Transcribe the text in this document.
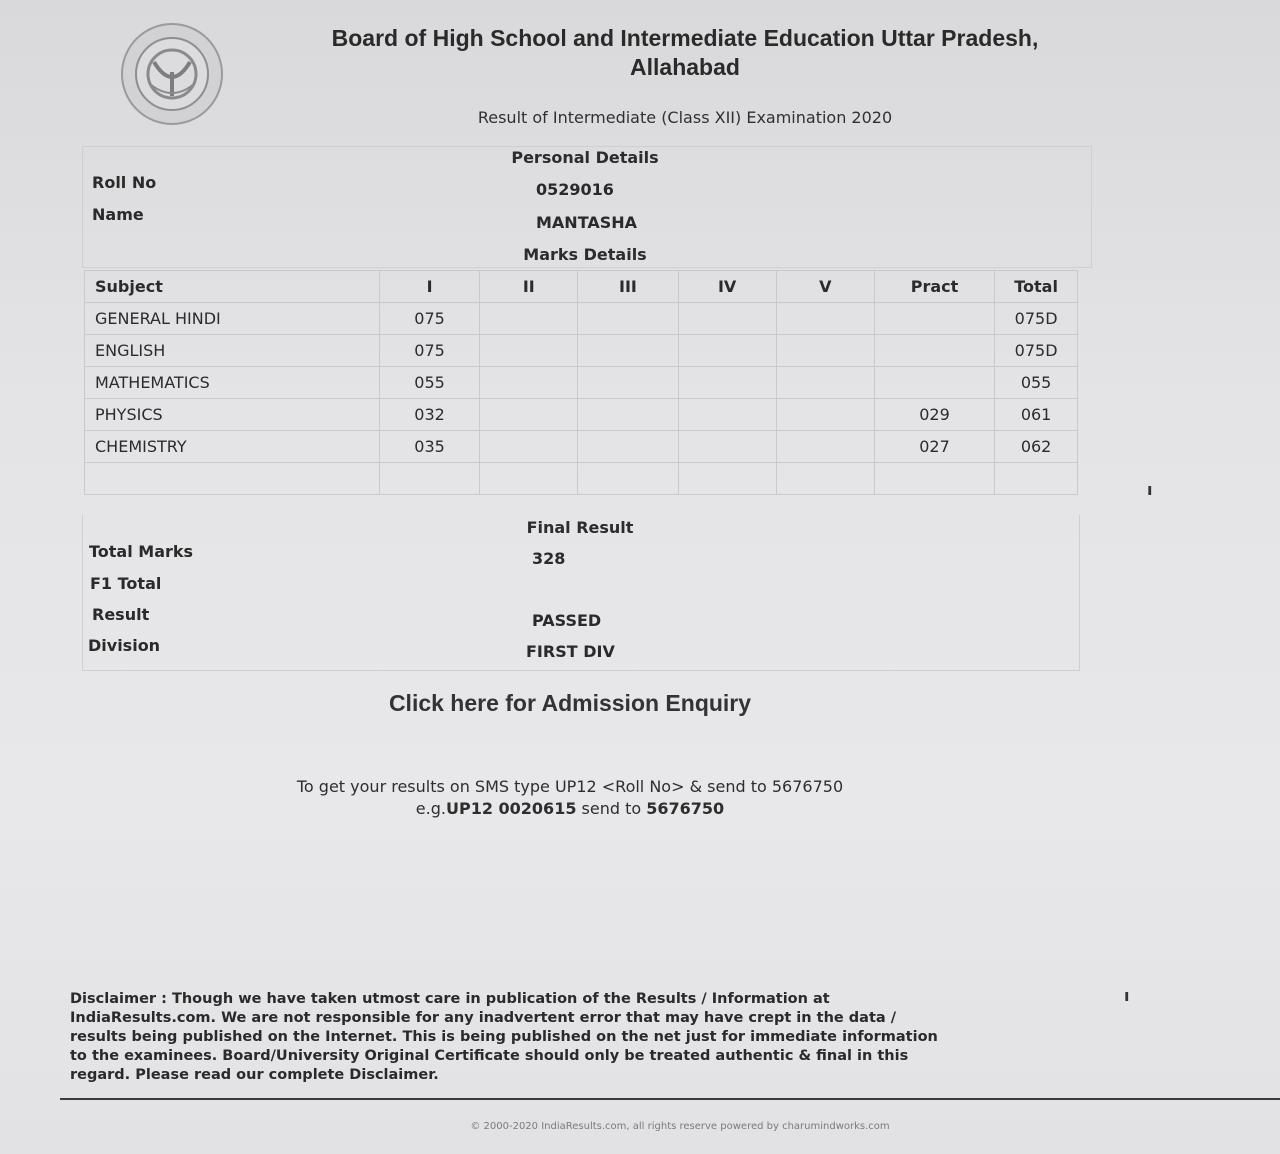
Board of High School and Intermediate Education Uttar Pradesh,
Allahabad
Result of Intermediate (Class XII) Examination 2020
Personal Details
Roll No	0529016
Name	MANTASHA
Marks Details
Subject	I	II	III	IV	V	Pract	Total
GENERAL HINDI	075						075D
ENGLISH	075						075D
MATHEMATICS	055						055
PHYSICS	032					029	061
CHEMISTRY	035					027	062

Final Result
Total Marks	328
F1 Total
Result	PASSED
Division	FIRST DIV
Click here for Admission Enquiry
To get your results on SMS type UP12 <Roll No> & send to 5676750
e.g.UP12 0020615 send to 5676750
Disclaimer : Though we have taken utmost care in publication of the Results / Information at IndiaResults.com. We are not responsible for any inadvertent error that may have crept in the data / results being published on the Internet. This is being published on the net just for immediate information to the examinees. Board/University Original Certificate should only be treated authentic & final in this regard. Please read our complete Disclaimer.
ı
ı
© 2000-2020 IndiaResults.com, all rights reserve powered by charumindworks.com
